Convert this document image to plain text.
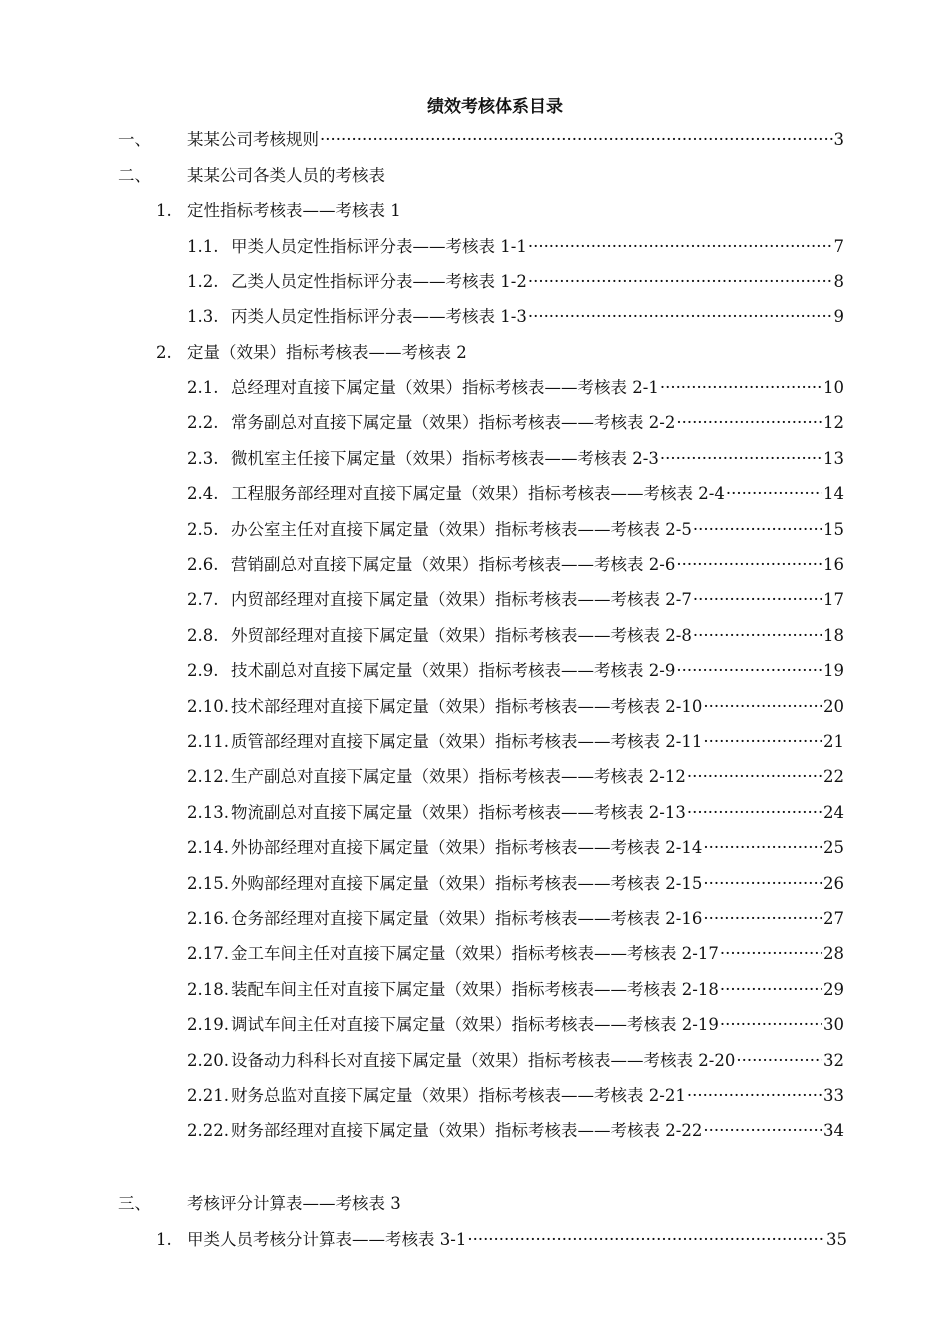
绩效考核体系目录
一、 某某公司考核规则 ·····	3
二、 某某公司各类人员的考核表
1. 定性指标考核表——考核表 1
1.1. 甲类人员定性指标评分表——考核表 1-1 ·····	7
1.2. 乙类人员定性指标评分表——考核表 1-2 ·····	8
1.3. 丙类人员定性指标评分表——考核表 1-3 ·····	9
2. 定量（效果）指标考核表——考核表 2
2.1. 总经理对直接下属定量（效果）指标考核表——考核表 2-1 ·····	10
2.2. 常务副总对直接下属定量（效果）指标考核表——考核表 2-2 ·····	12
2.3. 微机室主任接下属定量（效果）指标考核表——考核表 2-3 ·····	13
2.4. 工程服务部经理对直接下属定量（效果）指标考核表——考核表 2-4 ·····	14
2.5. 办公室主任对直接下属定量（效果）指标考核表——考核表 2-5 ·····	15
2.6. 营销副总对直接下属定量（效果）指标考核表——考核表 2-6 ·····	16
2.7. 内贸部经理对直接下属定量（效果）指标考核表——考核表 2-7 ·····	17
2.8. 外贸部经理对直接下属定量（效果）指标考核表——考核表 2-8 ·····	18
2.9. 技术副总对直接下属定量（效果）指标考核表——考核表 2-9 ·····	19
2.10. 技术部经理对直接下属定量（效果）指标考核表——考核表 2-10 ·····	20
2.11. 质管部经理对直接下属定量（效果）指标考核表——考核表 2-11 ·····	21
2.12. 生产副总对直接下属定量（效果）指标考核表——考核表 2-12 ·····	22
2.13. 物流副总对直接下属定量（效果）指标考核表——考核表 2-13 ·····	24
2.14. 外协部经理对直接下属定量（效果）指标考核表——考核表 2-14 ·····	25
2.15. 外购部经理对直接下属定量（效果）指标考核表——考核表 2-15 ·····	26
2.16. 仓务部经理对直接下属定量（效果）指标考核表——考核表 2-16 ·····	27
2.17. 金工车间主任对直接下属定量（效果）指标考核表——考核表 2-17 ·····	28
2.18. 装配车间主任对直接下属定量（效果）指标考核表——考核表 2-18 ·····	29
2.19. 调试车间主任对直接下属定量（效果）指标考核表——考核表 2-19 ·····	30
2.20. 设备动力科科长对直接下属定量（效果）指标考核表——考核表 2-20 ·····	32
2.21. 财务总监对直接下属定量（效果）指标考核表——考核表 2-21 ·····	33
2.22. 财务部经理对直接下属定量（效果）指标考核表——考核表 2-22 ·····	34
三、 考核评分计算表——考核表 3
1. 甲类人员考核分计算表——考核表 3-1 ·····	35
